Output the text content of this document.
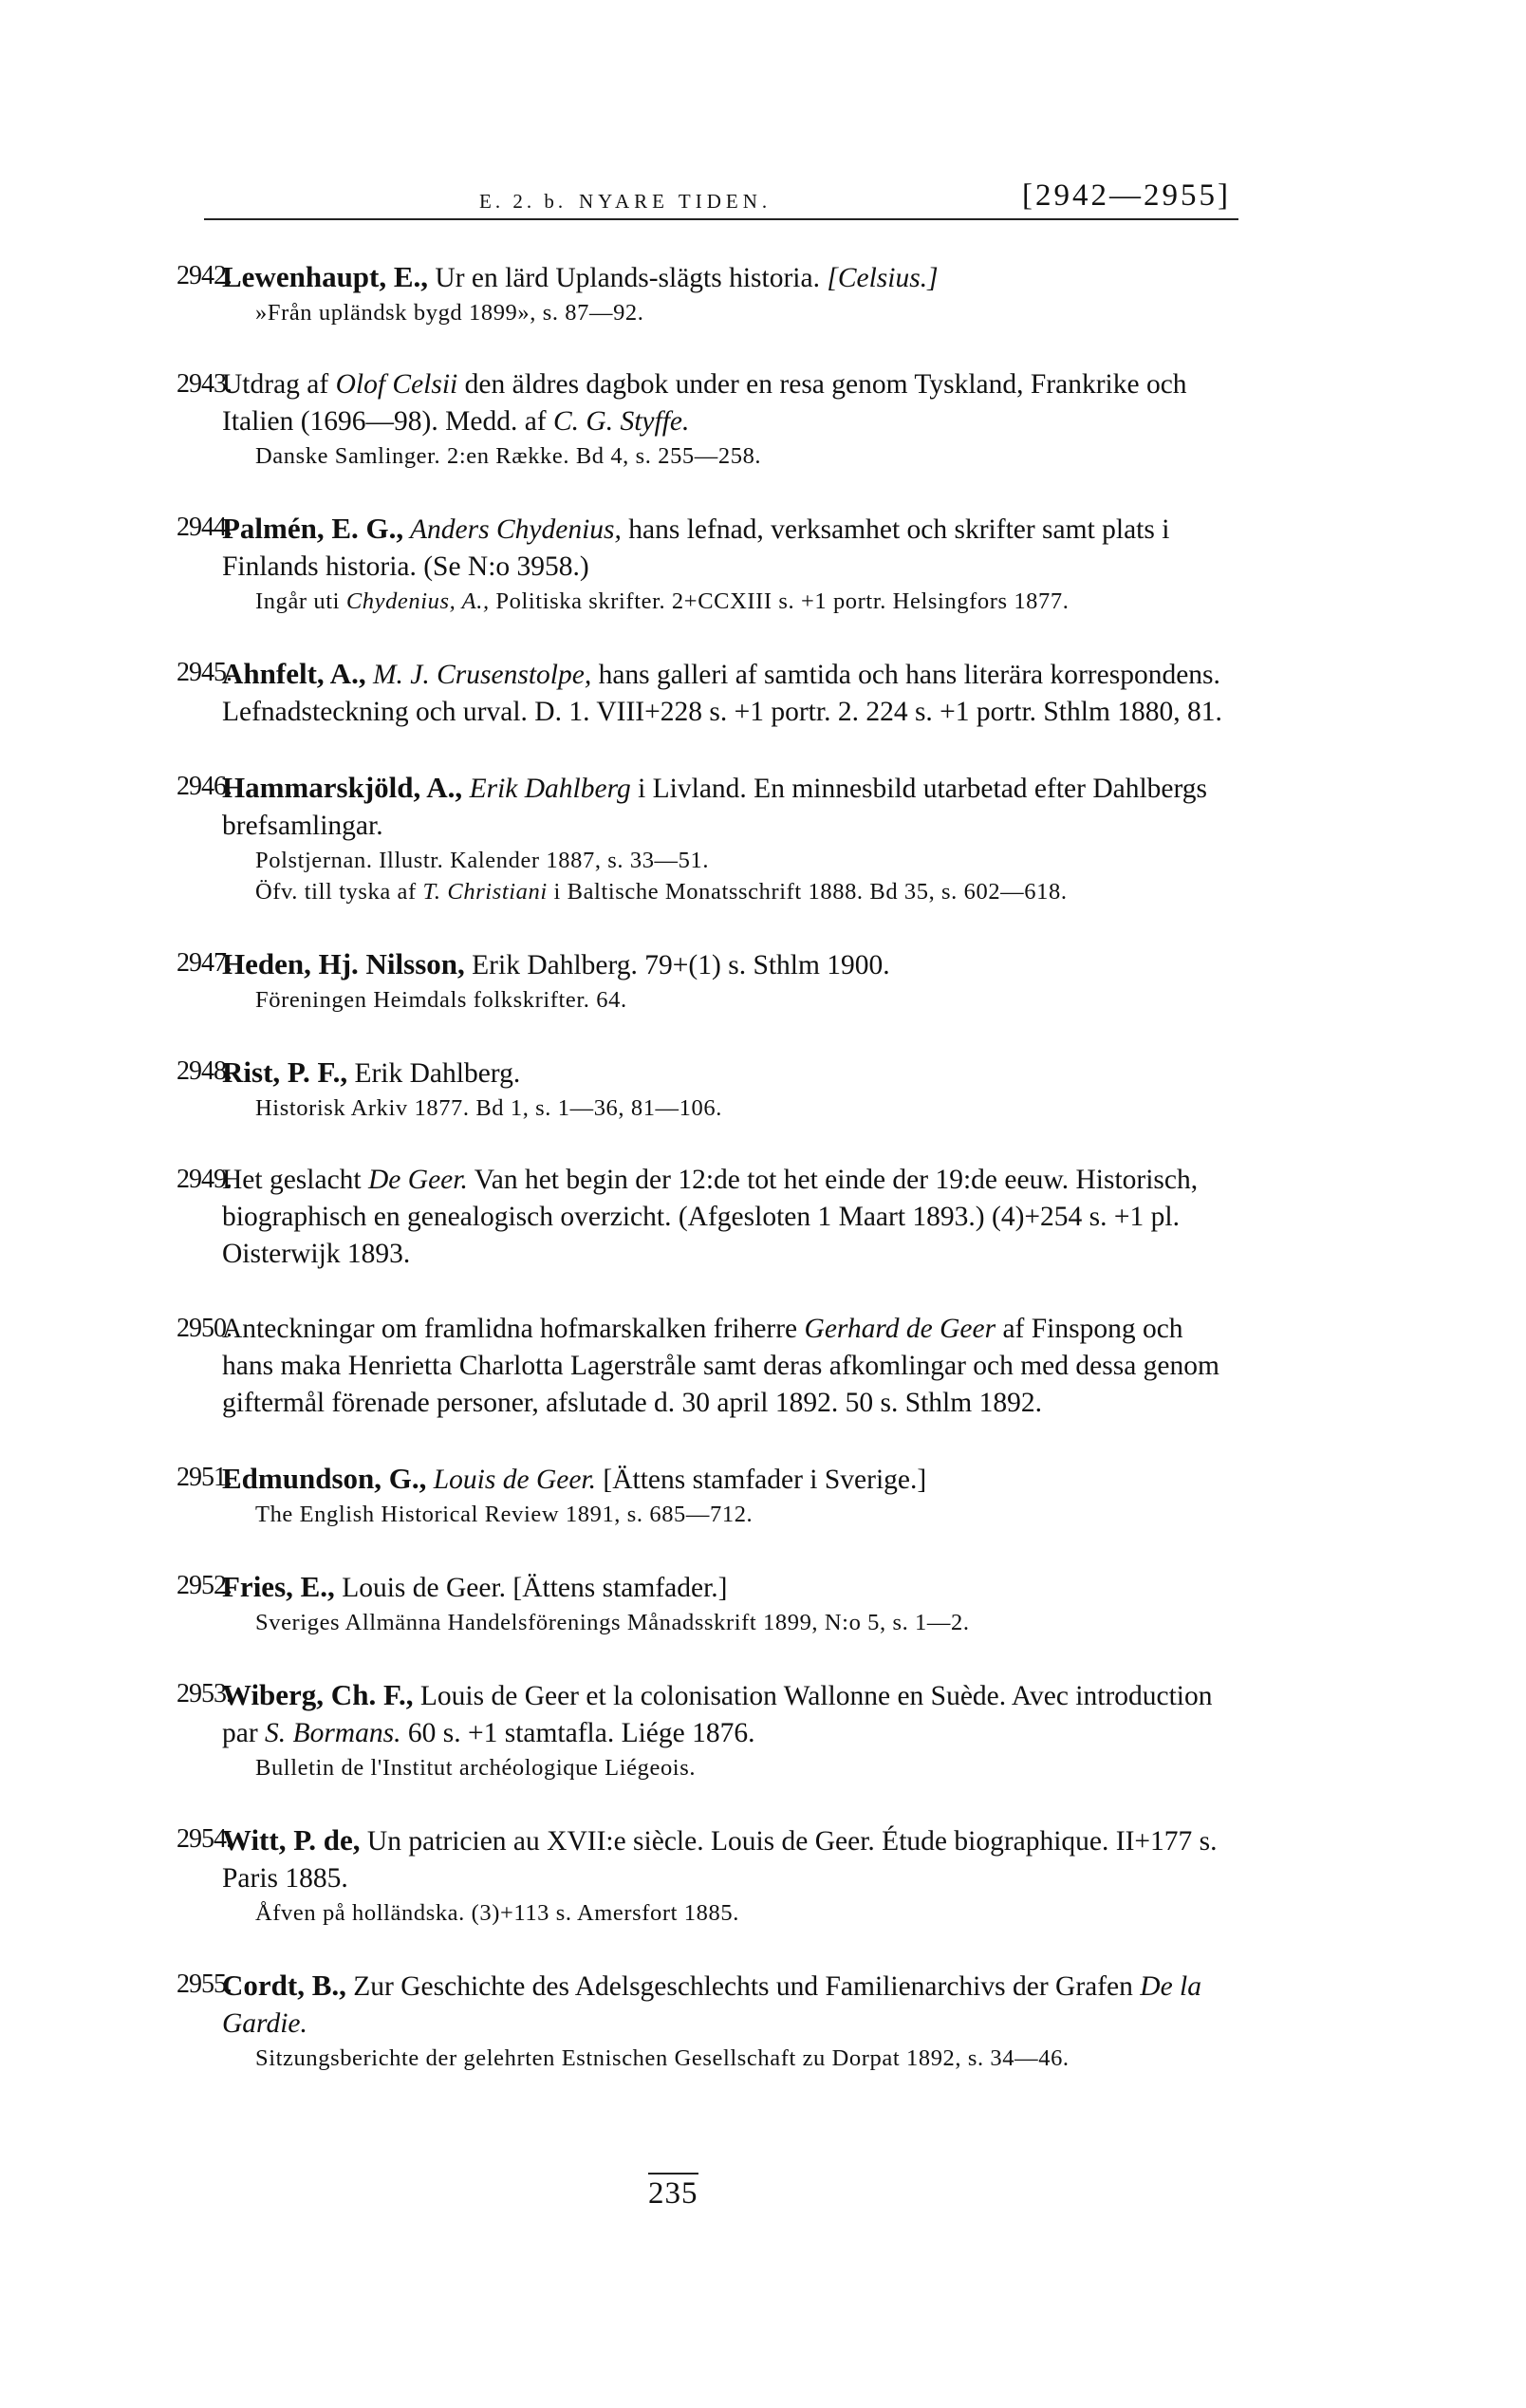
E. 2. b. NYARE TIDEN.	[2942—2955]
2942.
Lewenhaupt, E., Ur en lärd Uplands-slägts historia. [Celsius.]
»Från upländsk bygd 1899», s. 87—92.
2943.
Utdrag af Olof Celsii den äldres dagbok under en resa genom Tyskland, Frankrike och Italien (1696—98). Medd. af C. G. Styffe.
Danske Samlinger. 2:en Række. Bd 4, s. 255—258.
2944.
Palmén, E. G., Anders Chydenius, hans lefnad, verksamhet och skrifter samt plats i Finlands historia. (Se N:o 3958.)
Ingår uti Chydenius, A., Politiska skrifter. 2+CCXIII s. +1 portr. Helsingfors 1877.
2945.
Ahnfelt, A., M. J. Crusenstolpe, hans galleri af samtida och hans literära korrespondens. Lefnadsteckning och urval. D. 1. VIII+228 s. +1 portr. 2. 224 s. +1 portr. Sthlm 1880, 81.
2946.
Hammarskjöld, A., Erik Dahlberg i Livland. En minnesbild utarbetad efter Dahlbergs brefsamlingar.
Polstjernan. Illustr. Kalender 1887, s. 33—51.
Öfv. till tyska af T. Christiani i Baltische Monatsschrift 1888. Bd 35, s. 602—618.
2947.
Heden, Hj. Nilsson, Erik Dahlberg. 79+(1) s. Sthlm 1900.
Föreningen Heimdals folkskrifter. 64.
2948.
Rist, P. F., Erik Dahlberg.
Historisk Arkiv 1877. Bd 1, s. 1—36, 81—106.
2949.
Het geslacht De Geer. Van het begin der 12:de tot het einde der 19:de eeuw. Historisch, biographisch en genealogisch overzicht. (Afgesloten 1 Maart 1893.) (4)+254 s. +1 pl. Oisterwijk 1893.
2950.
Anteckningar om framlidna hofmarskalken friherre Gerhard de Geer af Finspong och hans maka Henrietta Charlotta Lagerstråle samt deras afkomlingar och med dessa genom giftermål förenade personer, afslutade d. 30 april 1892. 50 s. Sthlm 1892.
2951.
Edmundson, G., Louis de Geer. [Ättens stamfader i Sverige.]
The English Historical Review 1891, s. 685—712.
2952.
Fries, E., Louis de Geer. [Ättens stamfader.]
Sveriges Allmänna Handelsförenings Månadsskrift 1899, N:o 5, s. 1—2.
2953.
Wiberg, Ch. F., Louis de Geer et la colonisation Wallonne en Suède. Avec introduction par S. Bormans. 60 s. +1 stamtafla. Liége 1876.
Bulletin de l'Institut archéologique Liégeois.
2954.
Witt, P. de, Un patricien au XVII:e siècle. Louis de Geer. Étude biographique. II+177 s. Paris 1885.
Åfven på holländska. (3)+113 s. Amersfort 1885.
2955.
Cordt, B., Zur Geschichte des Adelsgeschlechts und Familienarchivs der Grafen De la Gardie.
Sitzungsberichte der gelehrten Estnischen Gesellschaft zu Dorpat 1892, s. 34—46.
235
